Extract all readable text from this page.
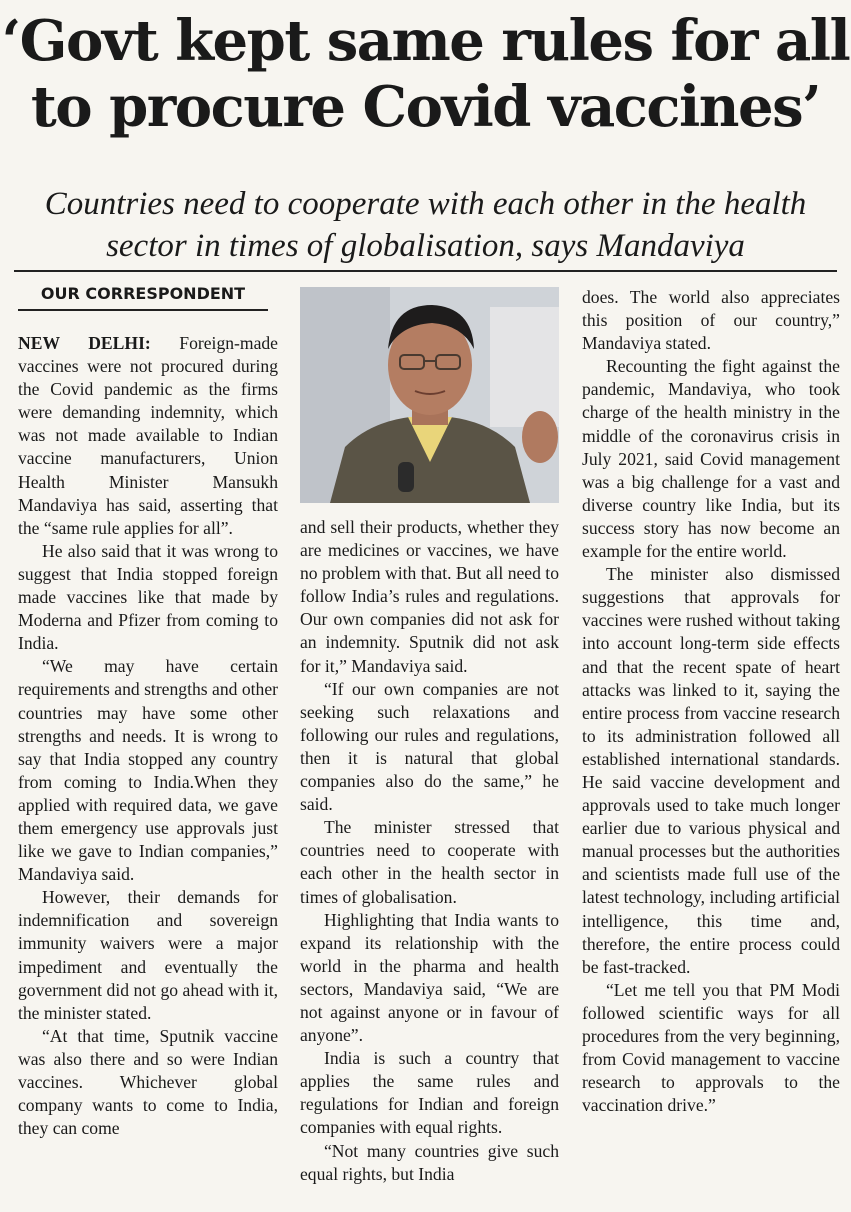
‘Govt kept same rules for all
to procure Covid vaccines’
Countries need to cooperate with each other in the health
sector in times of globalisation, says Mandaviya
OUR CORRESPONDENT

NEW DELHI: Foreign-made vaccines were not procured during the Covid pandemic as the firms were demanding indemnity, which was not made available to Indian vaccine manufacturers, Union Health Minister Mansukh Mandaviya has said, asserting that the “same rule applies for all”.

He also said that it was wrong to suggest that India stopped foreign made vaccines like that made by Moderna and Pfizer from coming to India.

“We may have certain requirements and strengths and other countries may have some other strengths and needs. It is wrong to say that India stopped any country from coming to India.When they applied with required data, we gave them emergency use approvals just like we gave to Indian companies,” Mandaviya said.

However, their demands for indemnification and sovereign immunity waivers were a major impediment and eventually the government did not go ahead with it, the minister stated.

“At that time, Sputnik vaccine was also there and so were Indian vaccines. Whichever global company wants to come to India, they can come

and sell their products, whether they are medicines or vaccines, we have no problem with that. But all need to follow India’s rules and regulations. Our own companies did not ask for an indemnity. Sputnik did not ask for it,” Mandaviya said.

“If our own companies are not seeking such relaxations and following our rules and regulations, then it is natural that global companies also do the same,” he said.

The minister stressed that countries need to cooperate with each other in the health sector in times of globalisation.

Highlighting that India wants to expand its relationship with the world in the pharma and health sectors, Mandaviya said, “We are not against anyone or in favour of anyone”.

India is such a country that applies the same rules and regulations for Indian and foreign companies with equal rights.

“Not many countries give such equal rights, but India

does. The world also appreciates this position of our country,” Mandaviya stated.

Recounting the fight against the pandemic, Mandaviya, who took charge of the health ministry in the middle of the coronavirus crisis in July 2021, said Covid management was a big challenge for a vast and diverse country like India, but its success story has now become an example for the entire world.

The minister also dismissed suggestions that approvals for vaccines were rushed without taking into account long-term side effects and that the recent spate of heart attacks was linked to it, saying the entire process from vaccine research to its administration followed all established international standards. He said vaccine development and approvals used to take much longer earlier due to various physical and manual processes but the authorities and scientists made full use of the latest technology, including artificial intelligence, this time and, therefore, the entire process could be fast-tracked.

“Let me tell you that PM Modi followed scientific ways for all procedures from the very beginning, from Covid management to vaccine research to approvals to the vaccination drive.”
